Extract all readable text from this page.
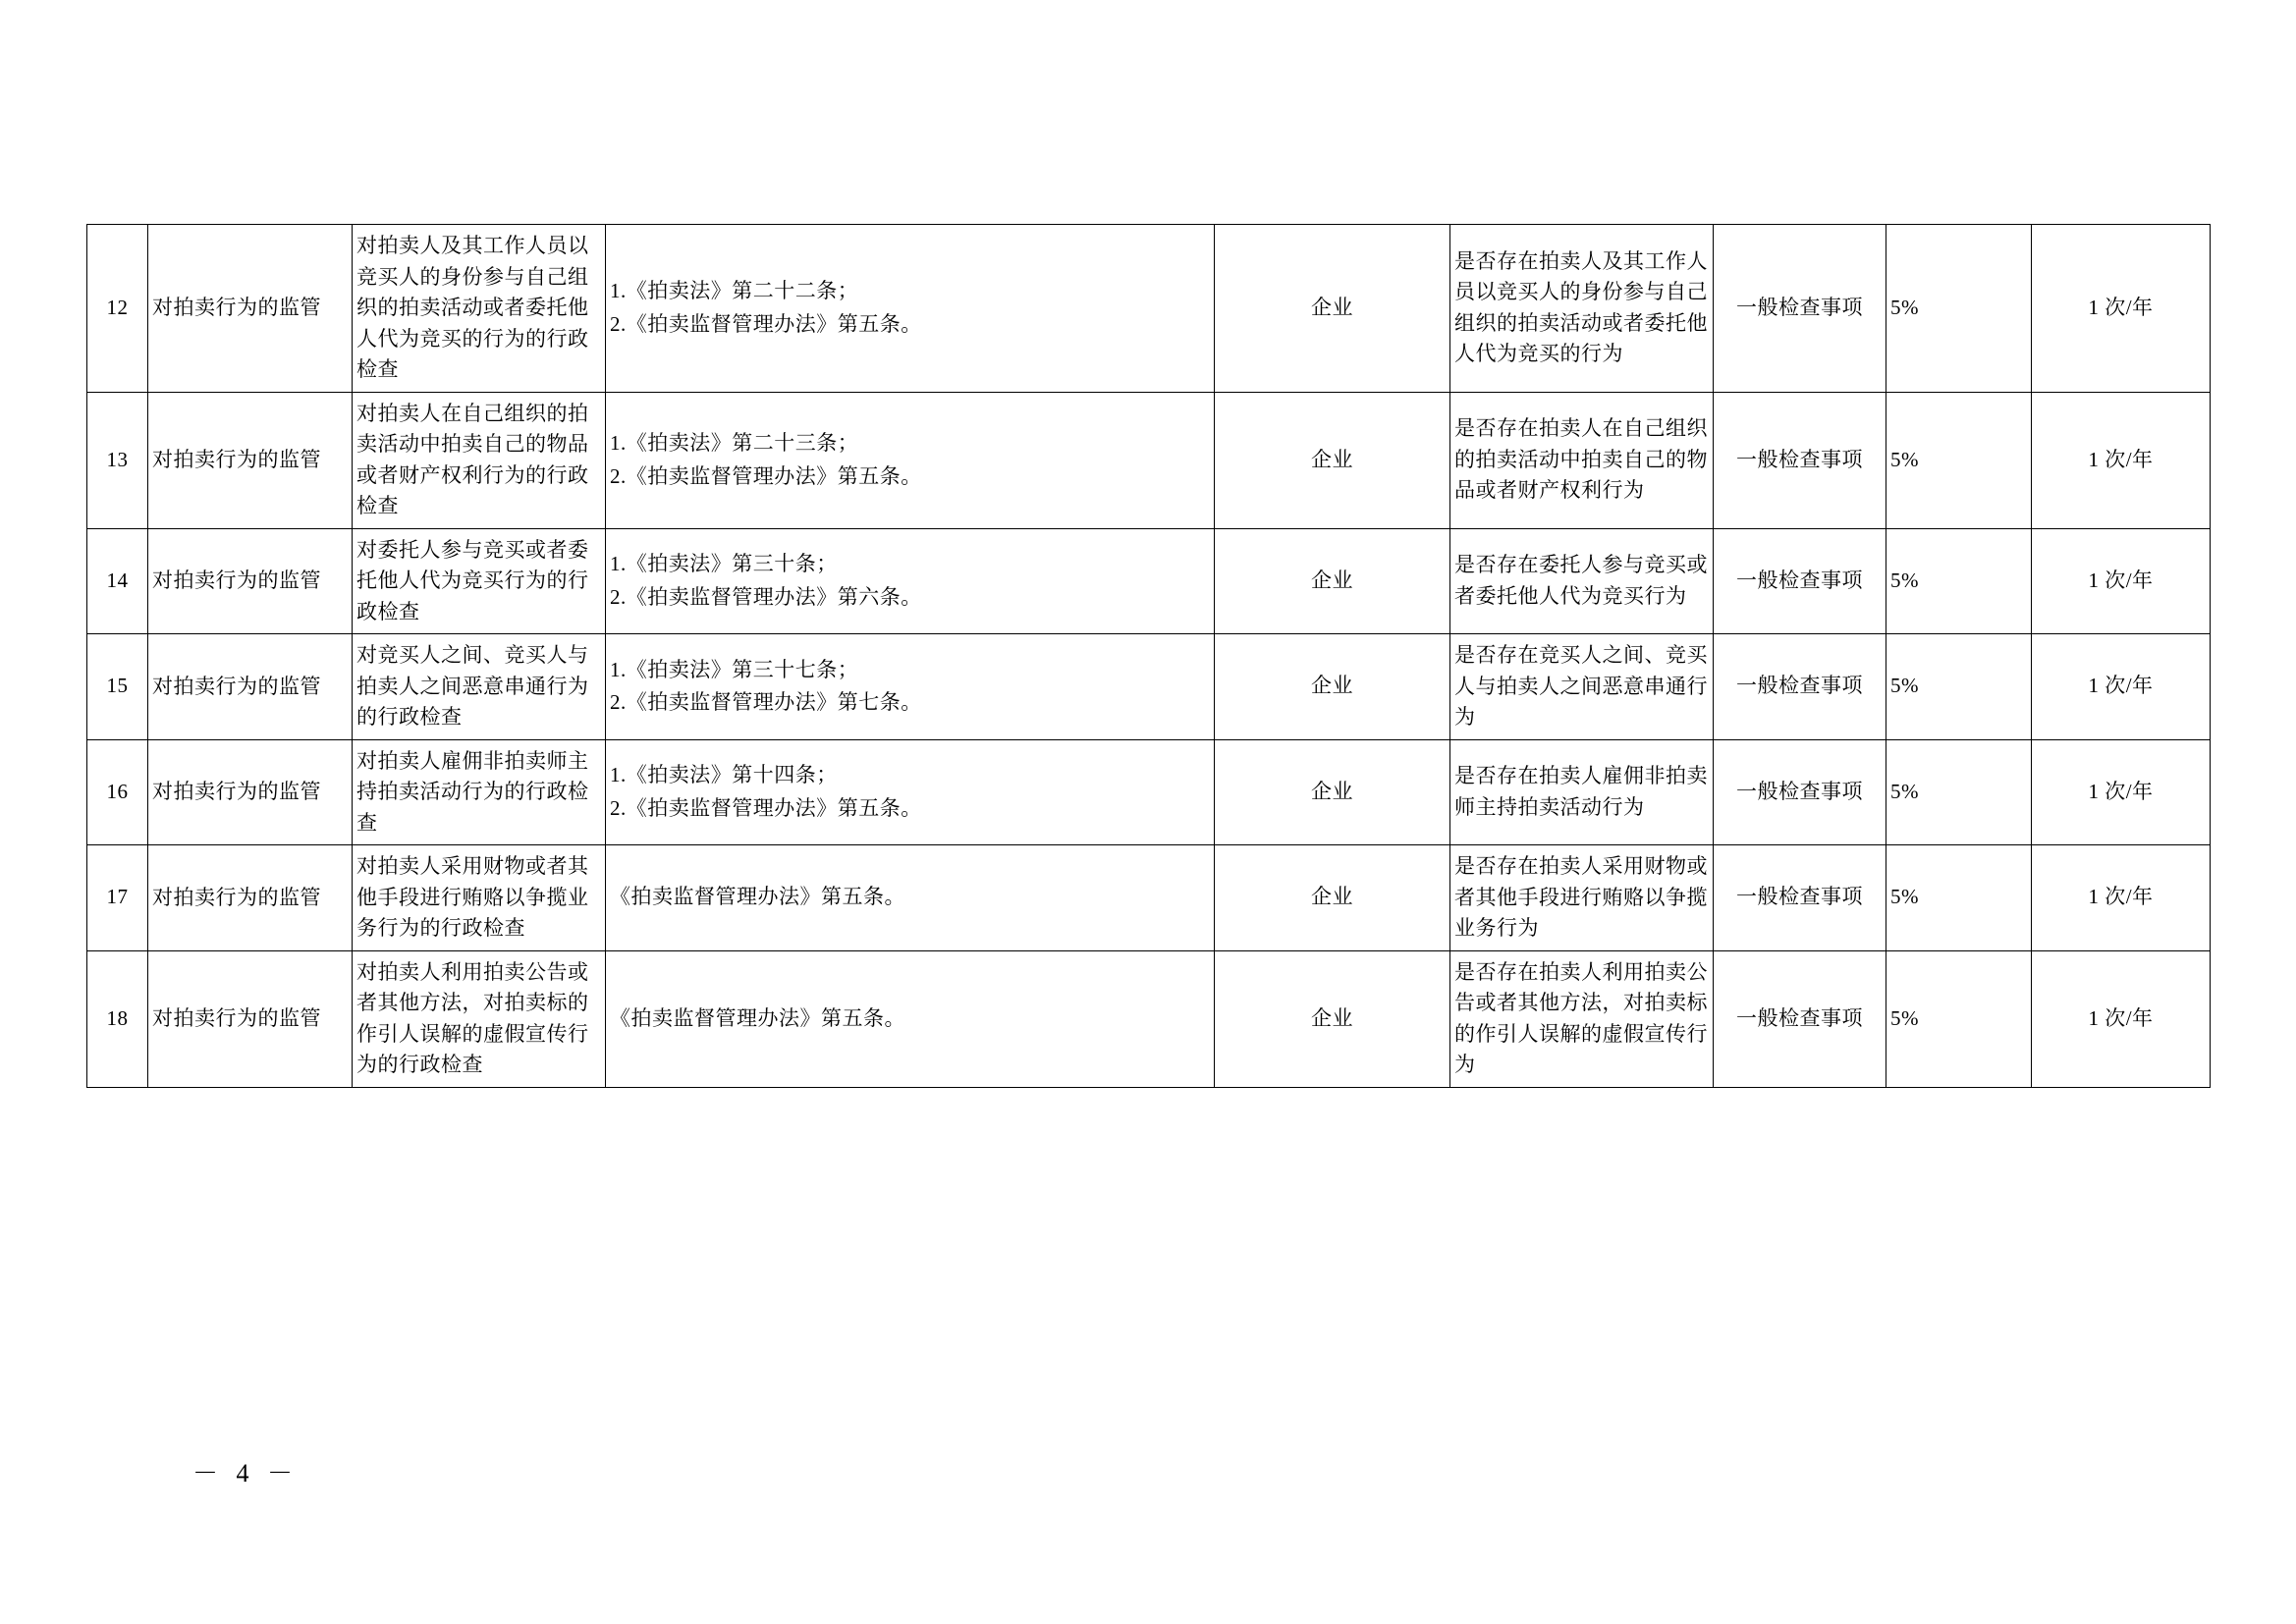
12	对拍卖行为的监管	对拍卖人及其工作人员以竞买人的身份参与自己组织的拍卖活动或者委托他人代为竞买的行为的行政检查	1.《拍卖法》第二十二条；
2.《拍卖监督管理办法》第五条。	企业	是否存在拍卖人及其工作人员以竞买人的身份参与自己组织的拍卖活动或者委托他人代为竞买的行为	一般检查事项	5%	1 次/年
13	对拍卖行为的监管	对拍卖人在自己组织的拍卖活动中拍卖自己的物品或者财产权利行为的行政检查	1.《拍卖法》第二十三条；
2.《拍卖监督管理办法》第五条。	企业	是否存在拍卖人在自己组织的拍卖活动中拍卖自己的物品或者财产权利行为	一般检查事项	5%	1 次/年
14	对拍卖行为的监管	对委托人参与竞买或者委托他人代为竞买行为的行政检查	1.《拍卖法》第三十条；
2.《拍卖监督管理办法》第六条。	企业	是否存在委托人参与竞买或者委托他人代为竞买行为	一般检查事项	5%	1 次/年
15	对拍卖行为的监管	对竞买人之间、竞买人与拍卖人之间恶意串通行为的行政检查	1.《拍卖法》第三十七条；
2.《拍卖监督管理办法》第七条。	企业	是否存在竞买人之间、竞买人与拍卖人之间恶意串通行为	一般检查事项	5%	1 次/年
16	对拍卖行为的监管	对拍卖人雇佣非拍卖师主持拍卖活动行为的行政检查	1.《拍卖法》第十四条；
2.《拍卖监督管理办法》第五条。	企业	是否存在拍卖人雇佣非拍卖师主持拍卖活动行为	一般检查事项	5%	1 次/年
17	对拍卖行为的监管	对拍卖人采用财物或者其他手段进行贿赂以争揽业务行为的行政检查	《拍卖监督管理办法》第五条。	企业	是否存在拍卖人采用财物或者其他手段进行贿赂以争揽业务行为	一般检查事项	5%	1 次/年
18	对拍卖行为的监管	对拍卖人利用拍卖公告或者其他方法，对拍卖标的作引人误解的虚假宣传行为的行政检查	《拍卖监督管理办法》第五条。	企业	是否存在拍卖人利用拍卖公告或者其他方法，对拍卖标的作引人误解的虚假宣传行为	一般检查事项	5%	1 次/年
－ 4 －
